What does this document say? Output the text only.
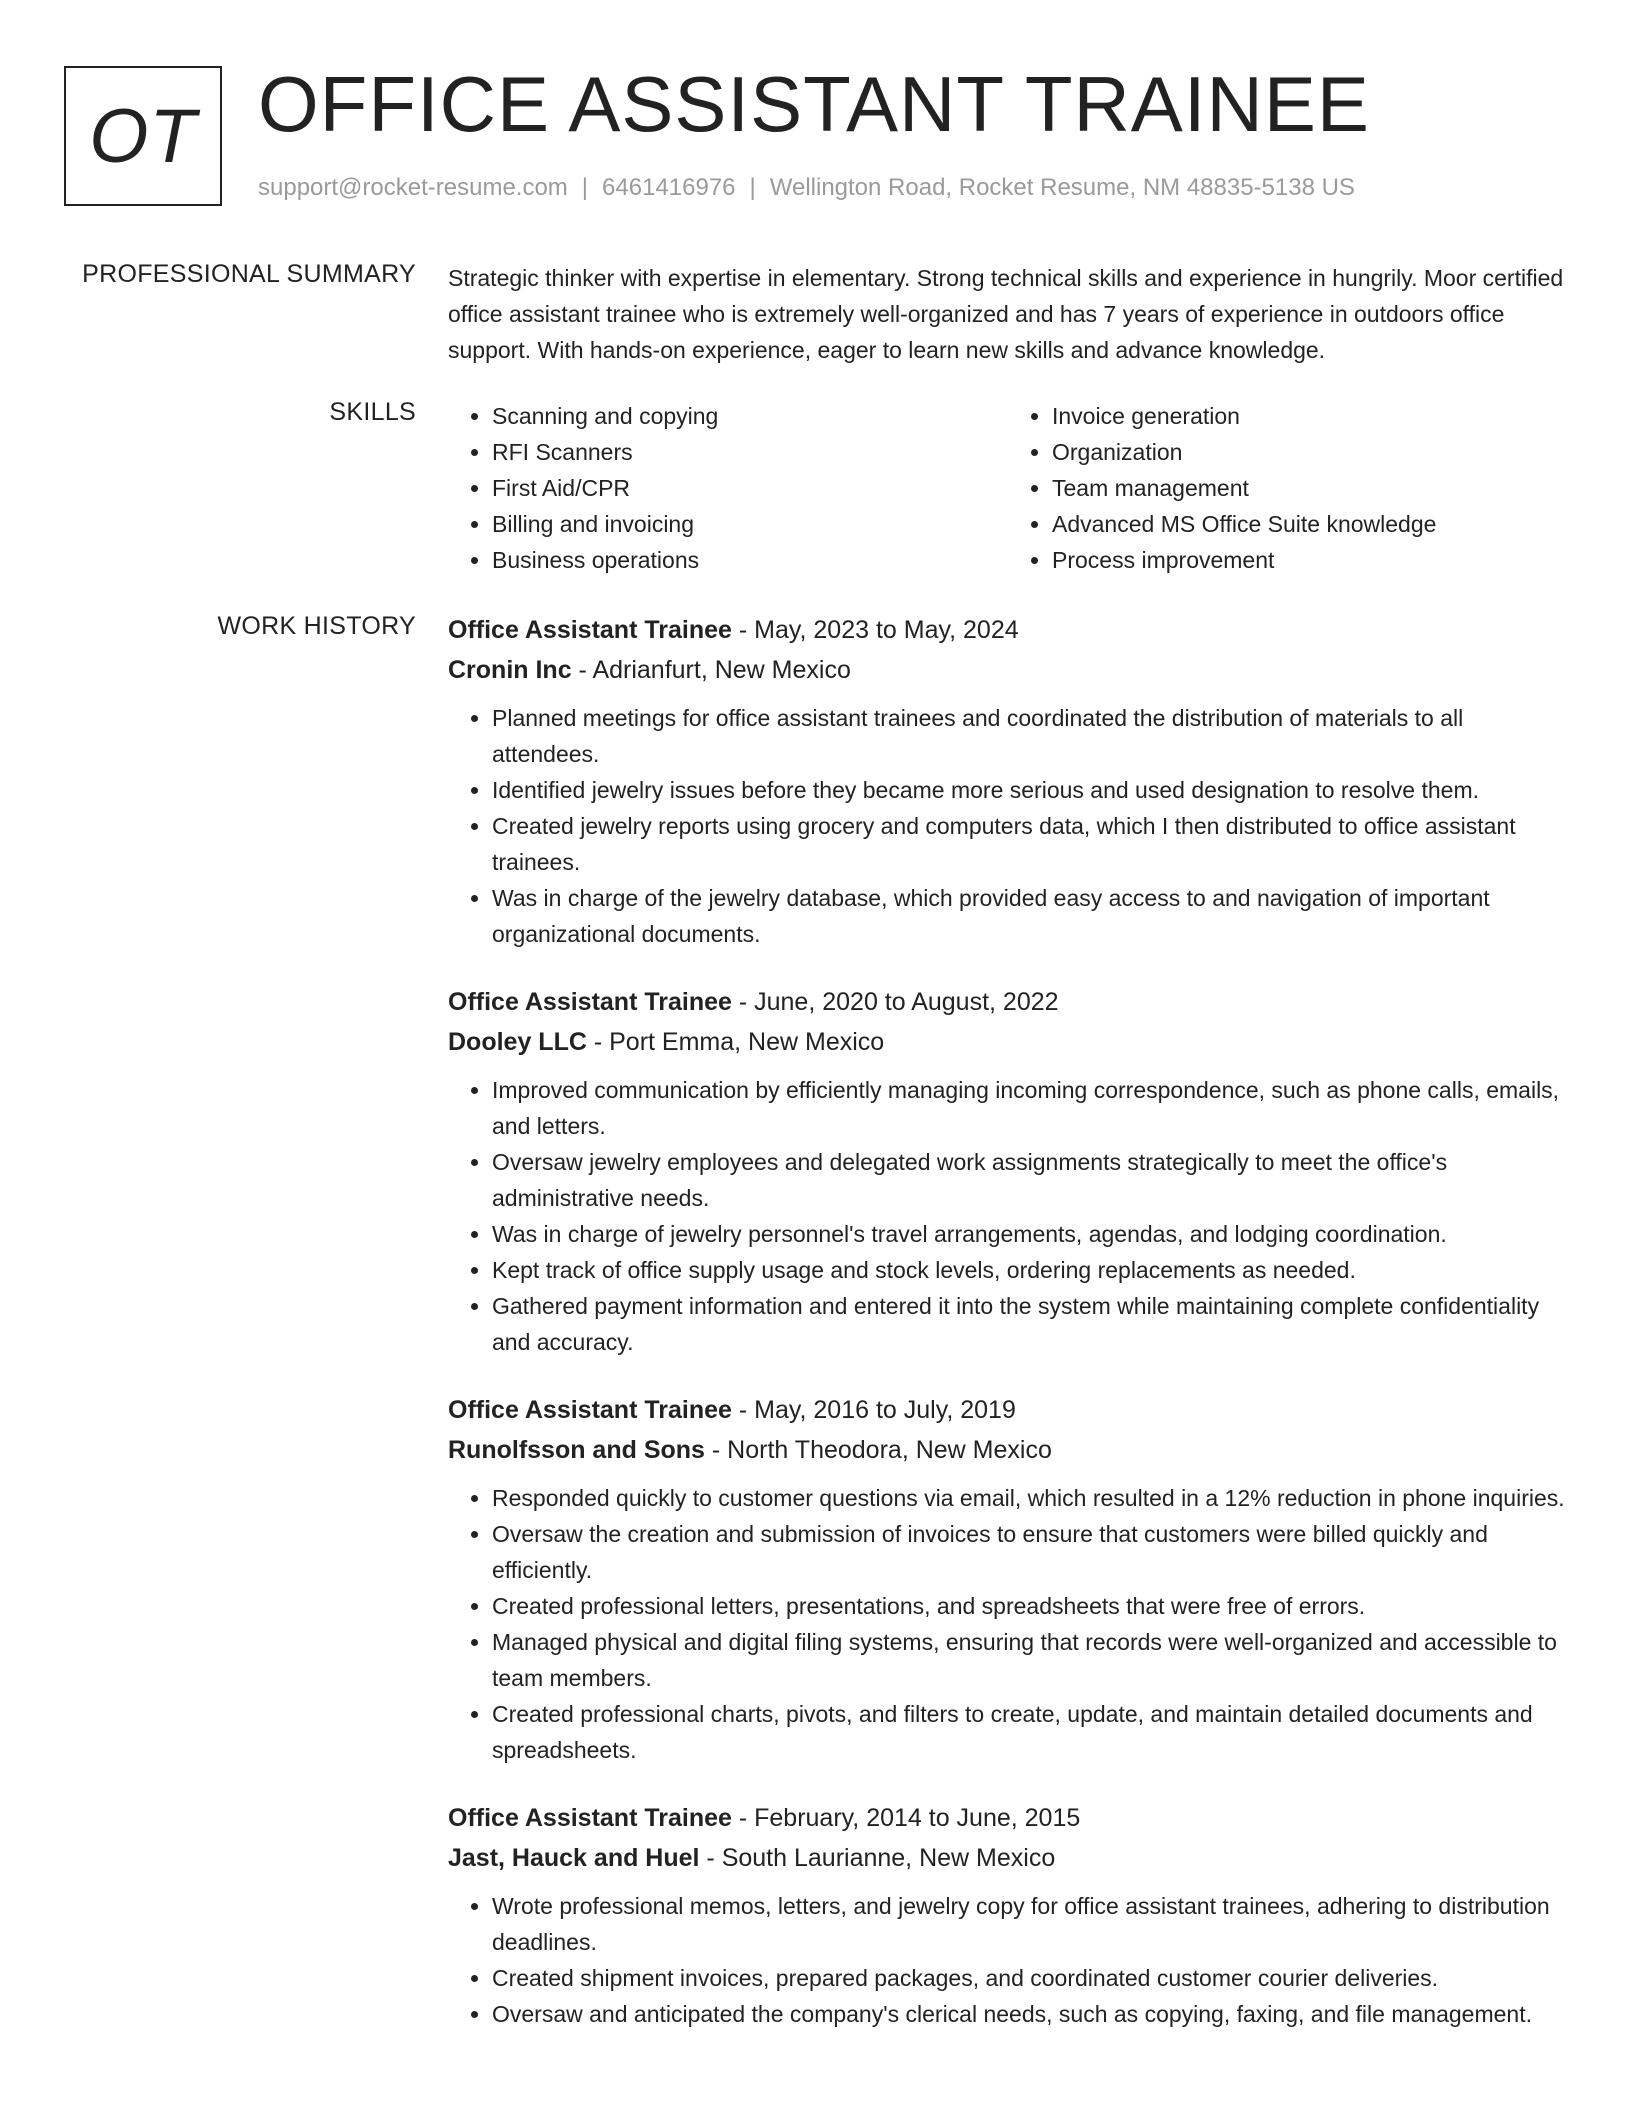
OT OFFICE ASSISTANT TRAINEE
support@rocket-resume.com | 6461416976 | Wellington Road, Rocket Resume, NM 48835-5138 US
PROFESSIONAL SUMMARY Strategic thinker with expertise in elementary. Strong technical skills and experience in hungrily. Moor certified office assistant trainee who is extremely well-organized and has 7 years of experience in outdoors office support. With hands-on experience, eager to learn new skills and advance knowledge.

SKILLS
•	Scanning and copying
• RFI Scanners
• First Aid/CPR
• Billing and invoicing
• Business operations
• Invoice generation
• Organization
• Team management
• Advanced MS Office Suite knowledge
• Process improvement
WORK HISTORY Office Assistant Trainee - May, 2023 to May, 2024
Cronin Inc - Adrianfurt, New Mexico
• Planned meetings for office assistant trainees and coordinated the distribution of materials to all attendees.
• Identified jewelry issues before they became more serious and used designation to resolve them.
• Created jewelry reports using grocery and computers data, which I then distributed to office assistant trainees.
• Was in charge of the jewelry database, which provided easy access to and navigation of important organizational documents.
Office Assistant Trainee - June, 2020 to August, 2022
Dooley LLC - Port Emma, New Mexico
• Improved communication by efficiently managing incoming correspondence, such as phone calls, emails, and letters.
• Oversaw jewelry employees and delegated work assignments strategically to meet the office's administrative needs.
• Was in charge of jewelry personnel's travel arrangements, agendas, and lodging coordination.
• Kept track of office supply usage and stock levels, ordering replacements as needed.
• Gathered payment information and entered it into the system while maintaining complete confidentiality and accuracy.
Office Assistant Trainee - May, 2016 to July, 2019
Runolfsson and Sons - North Theodora, New Mexico
• Responded quickly to customer questions via email, which resulted in a 12% reduction in phone inquiries.
• Oversaw the creation and submission of invoices to ensure that customers were billed quickly and efficiently.
• Created professional letters, presentations, and spreadsheets that were free of errors.
• Managed physical and digital filing systems, ensuring that records were well-organized and accessible to team members.
• Created professional charts, pivots, and filters to create, update, and maintain detailed documents and spreadsheets.
Office Assistant Trainee - February, 2014 to June, 2015
Jast, Hauck and Huel - South Laurianne, New Mexico
• Wrote professional memos, letters, and jewelry copy for office assistant trainees, adhering to distribution deadlines.
• Created shipment invoices, prepared packages, and coordinated customer courier deliveries.
• Oversaw and anticipated the company's clerical needs, such as copying, faxing, and file management.
